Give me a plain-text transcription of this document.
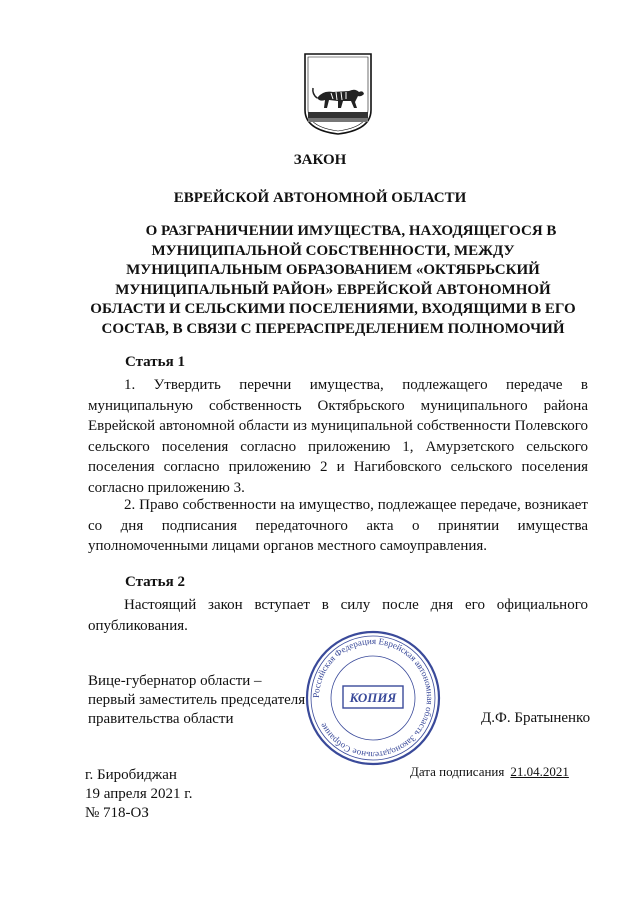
ЗАКОН
ЕВРЕЙСКОЙ АВТОНОМНОЙ ОБЛАСТИ
О РАЗГРАНИЧЕНИИ ИМУЩЕСТВА, НАХОДЯЩЕГОСЯ В
МУНИЦИПАЛЬНОЙ СОБСТВЕННОСТИ, МЕЖДУ
МУНИЦИПАЛЬНЫМ ОБРАЗОВАНИЕМ «ОКТЯБРЬСКИЙ
МУНИЦИПАЛЬНЫЙ РАЙОН» ЕВРЕЙСКОЙ АВТОНОМНОЙ
ОБЛАСТИ И СЕЛЬСКИМИ ПОСЕЛЕНИЯМИ, ВХОДЯЩИМИ В ЕГО
СОСТАВ, В СВЯЗИ С ПЕРЕРАСПРЕДЕЛЕНИЕМ ПОЛНОМОЧИЙ
Статья 1
1. Утвердить перечни имущества, подлежащего передаче в муниципальную собственность Октябрьского муниципального района Еврейской автономной области из муниципальной собственности Полевского сельского поселения согласно приложению 1, Амурзетского сельского поселения согласно приложению 2 и Нагибовского сельского поселения согласно приложению 3.
2. Право собственности на имущество, подлежащее передаче, возникает со дня подписания передаточного акта о принятии имущества уполномоченными лицами органов местного самоуправления.
Статья 2
Настоящий закон вступает в силу после дня его официального опубликования.
Российская Федерация Еврейская автономная область Законодательное Собрание
КОПИЯ
Вице-губернатор области –
первый заместитель председателя
правительства области	Д.Ф. Братыненко
г. Биробиджан
19 апреля 2021 г.
№ 718-ОЗ
Дата подписания 21.04.2021
